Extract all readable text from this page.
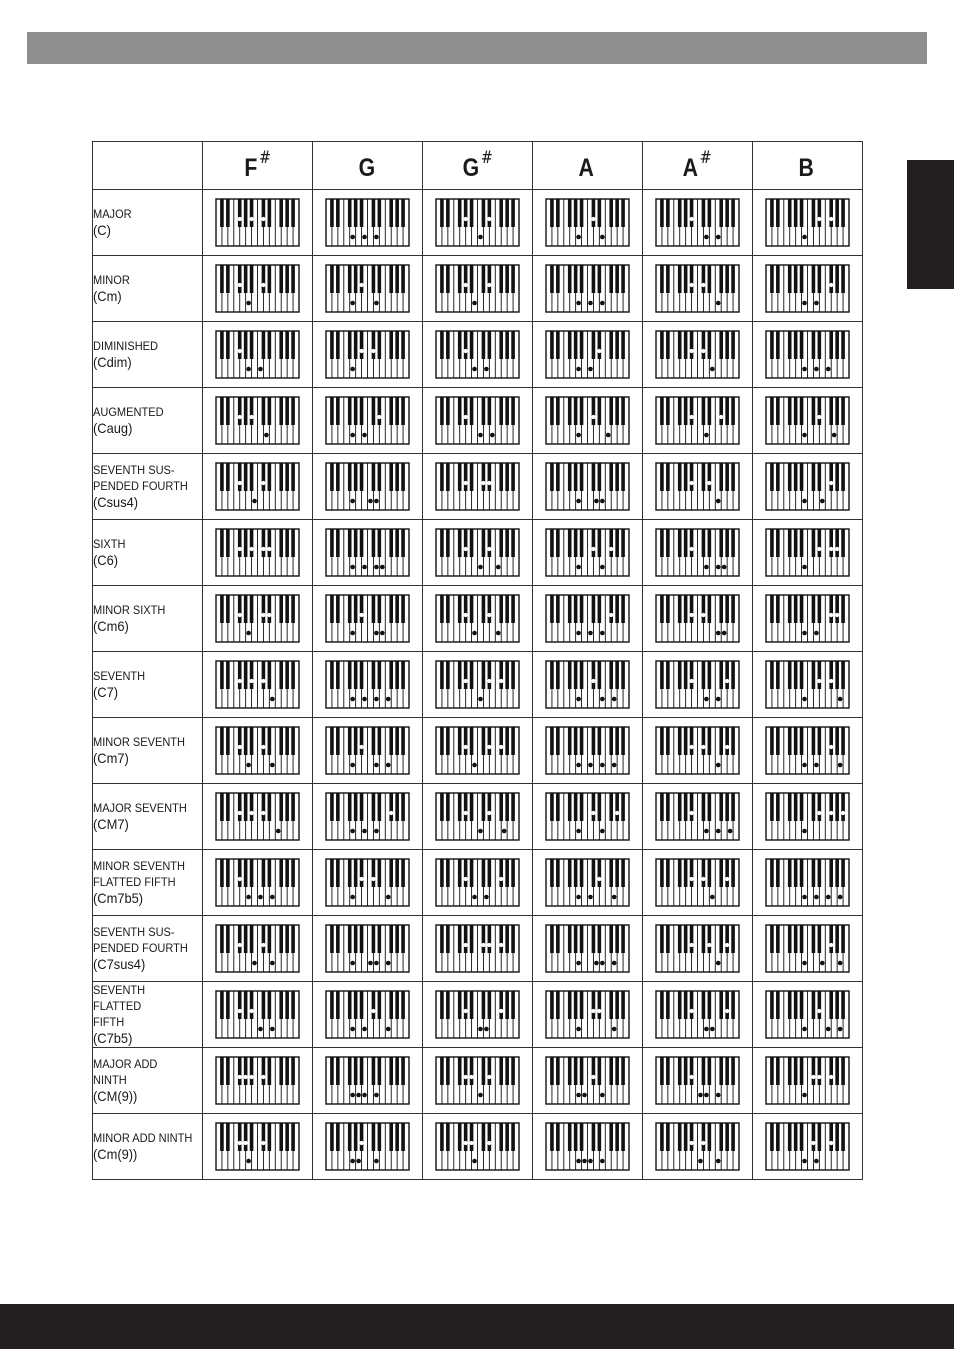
	F#	G	G #	A	A #	B

MAJOR
(C)

MINOR
(Cm)

DIMINISHED
(Cdim)

AUGMENTED
(Caug)

SEVENTH SUS-
PENDED FOURTH
(Csus4)

SIXTH
(C6)

MINOR SIXTH
(Cm6)

SEVENTH
(C7)

MINOR SEVENTH
(Cm7)

MAJOR SEVENTH
(CM7)

MINOR SEVENTH
FLATTED FIFTH
(Cm7b5)

SEVENTH SUS-
PENDED FOURTH
(C7sus4)

SEVENTH FLATTED
FIFTH
(C7b5)

MAJOR ADD NINTH
(CM(9))

MINOR ADD NINTH
(Cm(9))
